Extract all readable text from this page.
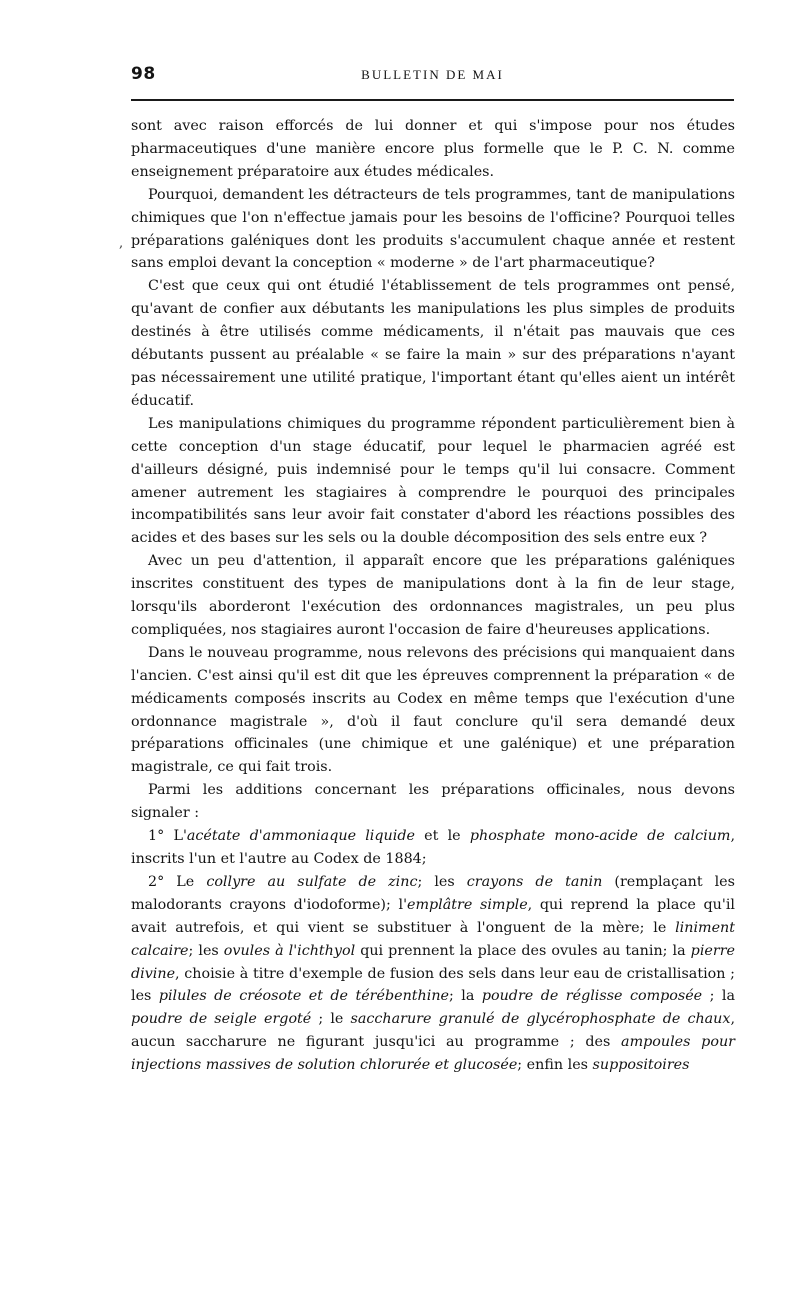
98	BULLETIN DE MAI
,

sont avec raison efforcés de lui donner et qui s'impose pour nos études pharmaceutiques d'une manière encore plus formelle que le P. C. N. comme enseignement préparatoire aux études médicales.

Pourquoi, demandent les détracteurs de tels programmes, tant de manipulations chimiques que l'on n'effectue jamais pour les besoins de l'officine? Pourquoi telles préparations galéniques dont les produits s'accumulent chaque année et restent sans emploi devant la conception « moderne » de l'art pharmaceutique?

C'est que ceux qui ont étudié l'établissement de tels programmes ont pensé, qu'avant de confier aux débutants les manipulations les plus simples de produits destinés à être utilisés comme médicaments, il n'était pas mauvais que ces débutants pussent au préalable « se faire la main » sur des préparations n'ayant pas nécessairement une utilité pratique, l'important étant qu'elles aient un intérêt éducatif.

Les manipulations chimiques du programme répondent particulièrement bien à cette conception d'un stage éducatif, pour lequel le pharmacien agréé est d'ailleurs désigné, puis indemnisé pour le temps qu'il lui consacre. Comment amener autrement les stagiaires à comprendre le pourquoi des principales incompatibilités sans leur avoir fait constater d'abord les réactions possibles des acides et des bases sur les sels ou la double décomposition des sels entre eux ?

Avec un peu d'attention, il apparaît encore que les préparations galéniques inscrites constituent des types de manipulations dont à la fin de leur stage, lorsqu'ils aborderont l'exécution des ordonnances magistrales, un peu plus compliquées, nos stagiaires auront l'occasion de faire d'heureuses applications.

Dans le nouveau programme, nous relevons des précisions qui manquaient dans l'ancien. C'est ainsi qu'il est dit que les épreuves comprennent la préparation « de médicaments composés inscrits au Codex en même temps que l'exécution d'une ordonnance magistrale », d'où il faut conclure qu'il sera demandé deux préparations officinales (une chimique et une galénique) et une préparation magistrale, ce qui fait trois.

Parmi les additions concernant les préparations officinales, nous devons signaler :

1° L'acétate d'ammoniaque liquide et le phosphate mono-acide de calcium, inscrits l'un et l'autre au Codex de 1884;

2° Le collyre au sulfate de zinc; les crayons de tanin (remplaçant les malodorants crayons d'iodoforme); l'emplâtre simple, qui reprend la place qu'il avait autrefois, et qui vient se substituer à l'onguent de la mère; le liniment calcaire; les ovules à l'ichthyol qui prennent la place des ovules au tanin; la pierre divine, choisie à titre d'exemple de fusion des sels dans leur eau de cristallisation ; les pilules de créosote et de térébenthine; la poudre de réglisse composée ; la poudre de seigle ergoté ; le saccharure granulé de glycérophosphate de chaux, aucun saccharure ne figurant jusqu'ici au programme ; des ampoules pour injections massives de solution chlorurée et glucosée; enfin les suppositoires
